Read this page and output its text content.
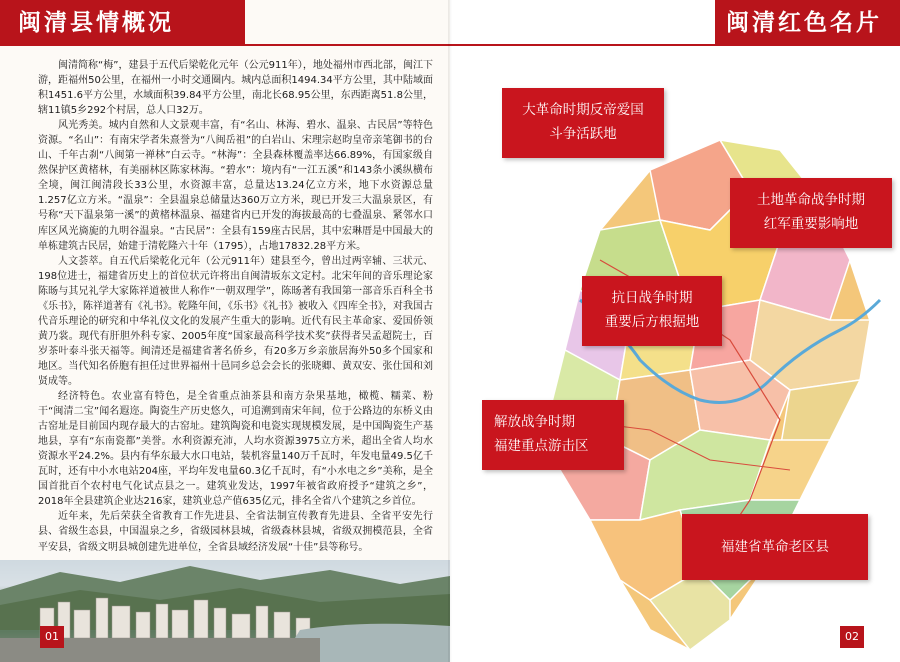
闽清县情概况

闽清简称“梅”，建县于五代后梁乾化元年（公元911年），地处福州市西北部，闽江下游，距福州50公里，在福州一小时交通圈内。城内总面积1494.34平方公里，其中陆域面积1451.6平方公里，水域面积39.84平方公里，南北长68.95公里，东西距离51.8公里，辖11镇5乡292个村居，总人口32万。

风光秀美。城内自然和人文景观丰富，有“名山、林海、碧水、温泉、古民居”等特色资源。“名山”：有南宋学者朱熹誉为“八闽岳祖”的白岩山、宋理宗赵昀皇帝亲笔御书的台山、千年古刹“八闽第一禅林”白云寺。“林海”：全县森林覆盖率达66.89%，有国家级自然保护区黄楮林，有美丽林区陈家林海。“碧水”：境内有“一江五溪”和143条小溪纵横布全境，闽江闽清段长33公里，水资源丰富，总量达13.24亿立方米，地下水资源总量1.257亿立方米。“温泉”：全县温泉总储量达360万立方米，现已开发三大温泉景区，有号称“天下温泉第一溪”的黄楮林温泉、福建省内已开发的海拔最高的七叠温泉、紧邻水口库区风光旖旎的九明谷温泉。“古民居”：全县有159座古民居，其中宏琳厝是中国最大的单栋建筑古民居，始建于清乾隆六十年（1795），占地17832.28平方米。

人文荟萃。自五代后梁乾化元年（公元911年）建县至今，曾出过两宰辅、三状元、198位进士，福建省历史上的首位状元许将出自闽清坂东文定村。北宋年间的音乐理论家陈旸与其兄礼学大家陈祥道被世人称作“一朝双理学”，陈旸著有我国第一部音乐百科全书《乐书》，陈祥道著有《礼书》。乾隆年间，《乐书》《礼书》被收入《四库全书》，对我国古代音乐理论的研究和中华礼仪文化的发展产生重大的影响。近代有民主革命家、爱国侨领黄乃裳。现代有肝胆外科专家、2005年度“国家最高科学技术奖”获得者吴孟超院士，百岁茶叶泰斗张天福等。闽清还是福建省著名侨乡，有20多万乡亲旅居海外50多个国家和地区。当代知名侨胞有担任过世界福州十邑同乡总会会长的张晓卿、黄双安、张仕国和刘贤成等。

经济特色。农业富有特色，是全省重点油茶县和南方杂果基地，橄榄、糯菜、粉干“闽清二宝”闻名遐迩。陶瓷生产历史悠久，可追溯到南宋年间，位于公路边的东桥义由古窑址是目前国内现存最大的古窑址。建筑陶瓷和电瓷实现规模发展，是中国陶瓷生产基地县，享有“东南瓷都”美誉。水利资源充沛，人均水资源3975立方米，超出全省人均水资源水平24.2%。县内有华东最大水口电站，装机容量140万千瓦时，年发电量49.5亿千瓦时，还有中小水电站204座，平均年发电量60.3亿千瓦时，有“小水电之乡”美称，是全国首批百个农村电气化试点县之一。建筑业发达，1997年被省政府授予“建筑之乡”，2018年全县建筑企业达216家，建筑业总产值635亿元，排名全省八个建筑之乡首位。

近年来，先后荣获全省教育工作先进县、全省法制宣传教育先进县、全省平安先行县、省级生态县，中国温泉之乡，省级园林县城，省级森林县城，省级双拥模范县，全省平安县，省级文明县城创建先进单位，全省县域经济发展“十佳”县等称号。

01
闽清红色名片
大革命时期反帝爱国
斗争活跃地
土地革命战争时期
红军重要影响地
抗日战争时期
重要后方根据地
解放战争时期
福建重点游击区
福建省革命老区县
02
